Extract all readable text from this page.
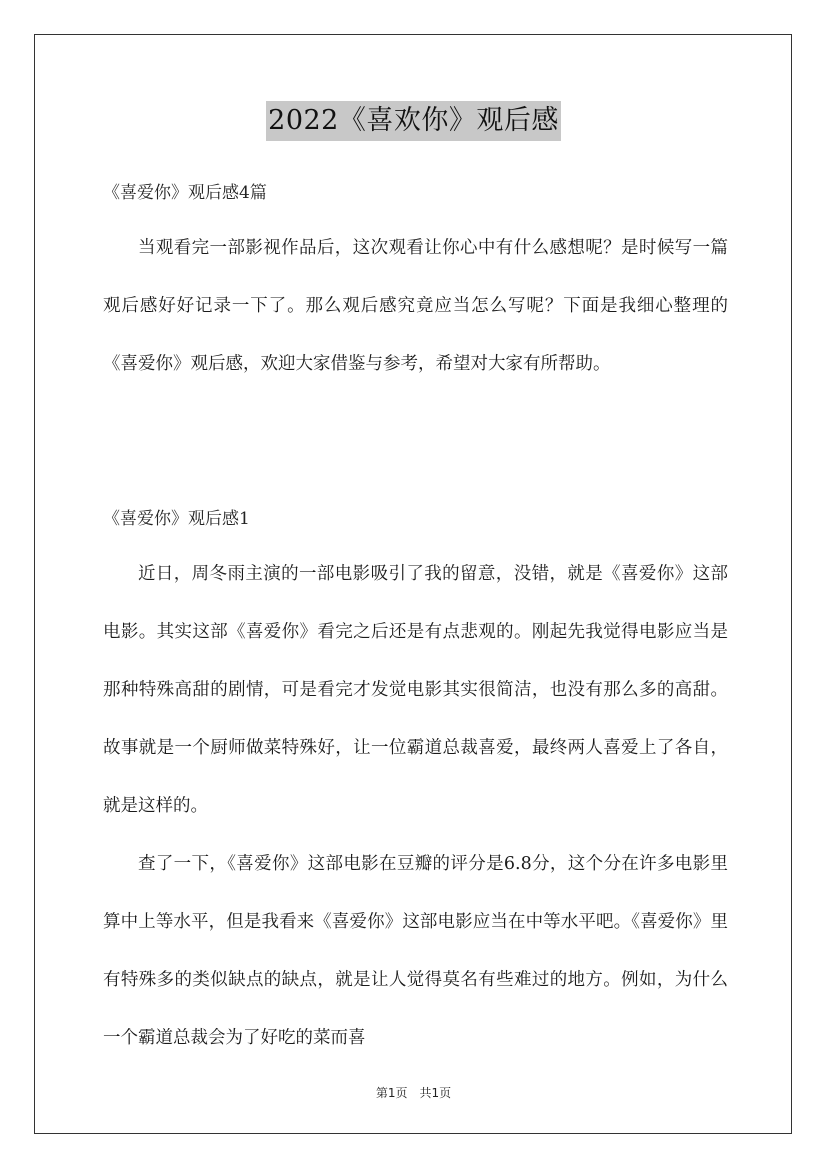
2022《喜欢你》观后感
《喜爱你》观后感4篇

当观看完一部影视作品后，这次观看让你心中有什么感想呢？是时候写一篇观后感好好记录一下了。那么观后感究竟应当怎么写呢？下面是我细心整理的《喜爱你》观后感，欢迎大家借鉴与参考，希望对大家有所帮助。

《喜爱你》观后感1

近日，周冬雨主演的一部电影吸引了我的留意，没错，就是《喜爱你》这部电影。其实这部《喜爱你》看完之后还是有点悲观的。刚起先我觉得电影应当是那种特殊高甜的剧情，可是看完才发觉电影其实很简洁，也没有那么多的高甜。故事就是一个厨师做菜特殊好，让一位霸道总裁喜爱，最终两人喜爱上了各自，就是这样的。

查了一下，《喜爱你》这部电影在豆瓣的评分是6.8分，这个分在许多电影里算中上等水平，但是我看来《喜爱你》这部电影应当在中等水平吧。《喜爱你》里有特殊多的类似缺点的缺点，就是让人觉得莫名有些难过的地方。例如，为什么一个霸道总裁会为了好吃的菜而喜

第1页 共1页
